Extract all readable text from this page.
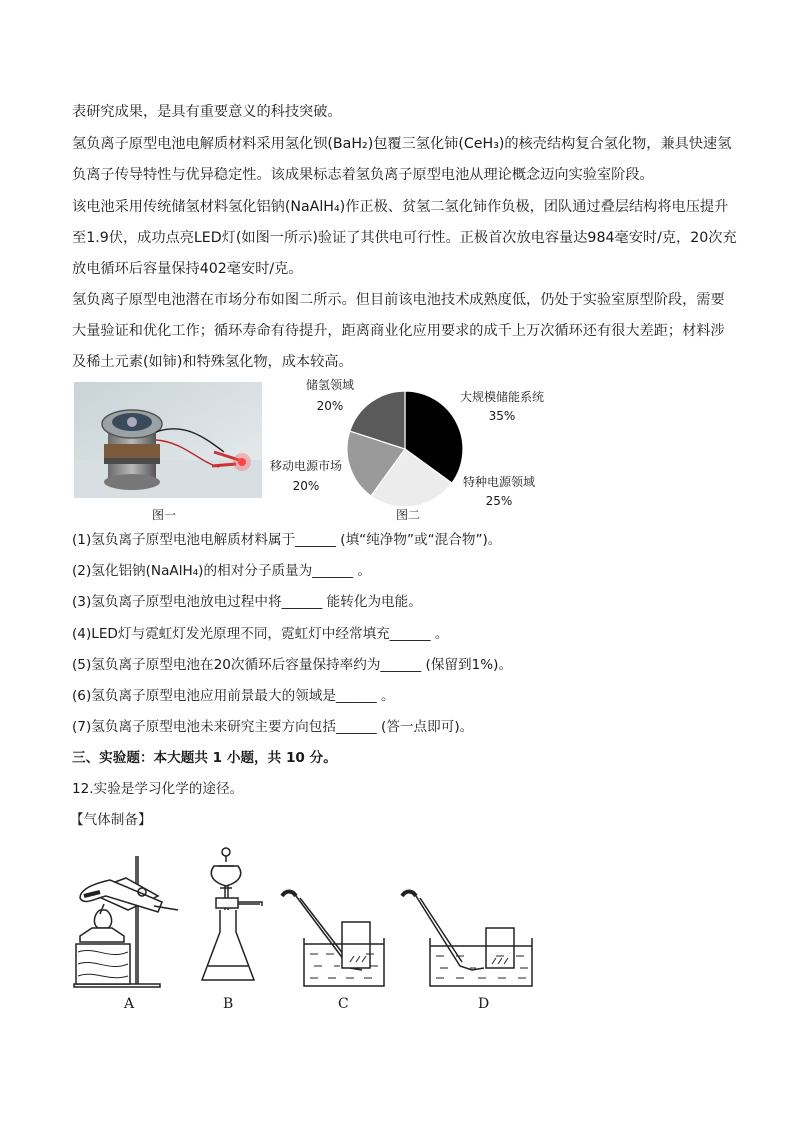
表研究成果，是具有重要意义的科技突破。
氢负离子原型电池电解质材料采用氢化钡(BaH₂)包覆三氢化铈(CeH₃)的核壳结构复合氢化物，兼具快速氢
负离子传导特性与优异稳定性。该成果标志着氢负离子原型电池从理论概念迈向实验室阶段。
该电池采用传统储氢材料氢化铝钠(NaAlH₄)作正极、贫氢二氢化铈作负极，团队通过叠层结构将电压提升
至1.9伏，成功点亮LED灯(如图一所示)验证了其供电可行性。正极首次放电容量达984毫安时/克，20次充
放电循环后容量保持402毫安时/克。
氢负离子原型电池潜在市场分布如图二所示。但目前该电池技术成熟度低，仍处于实验室原型阶段，需要
大量验证和优化工作；循环寿命有待提升，距离商业化应用要求的成千上万次循环还有很大差距；材料涉
及稀土元素(如铈)和特殊氢化物，成本较高。
图一
储氢领域
20%
大规模储能系统
35%
移动电源市场
20%	特种电源领域
25%
图二
(1)氢负离子原型电池电解质材料属于______ (填“纯净物”或“混合物”)。
(2)氢化铝钠(NaAlH₄)的相对分子质量为______ 。
(3)氢负离子原型电池放电过程中将______ 能转化为电能。
(4)LED灯与霓虹灯发光原理不同，霓虹灯中经常填充______ 。
(5)氢负离子原型电池在20次循环后容量保持率约为______ (保留到1%)。
(6)氢负离子原型电池应用前景最大的领域是______ 。
(7)氢负离子原型电池未来研究主要方向包括______ (答一点即可)。
三、实验题：本大题共 1 小题，共 10 分。
12.实验是学习化学的途径。
【气体制备】
A	B	C	D
